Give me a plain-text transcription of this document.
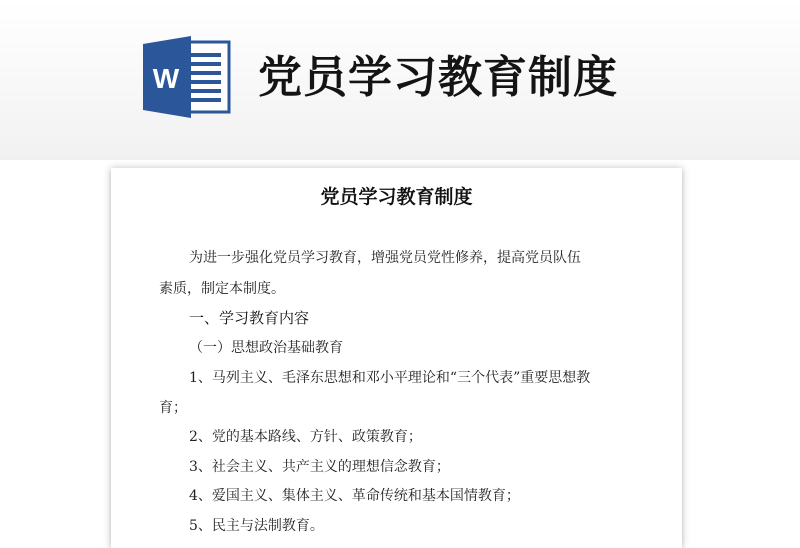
W 党员学习教育制度
党员学习教育制度
为进一步强化党员学习教育，增强党员党性修养，提高党员队伍
素质，制定本制度。
一、学习教育内容
（一）思想政治基础教育
1、马列主义、毛泽东思想和邓小平理论和“三个代表”重要思想教
育；
2、党的基本路线、方针、政策教育；
3、社会主义、共产主义的理想信念教育；
4、爱国主义、集体主义、革命传统和基本国情教育；
5、民主与法制教育。
